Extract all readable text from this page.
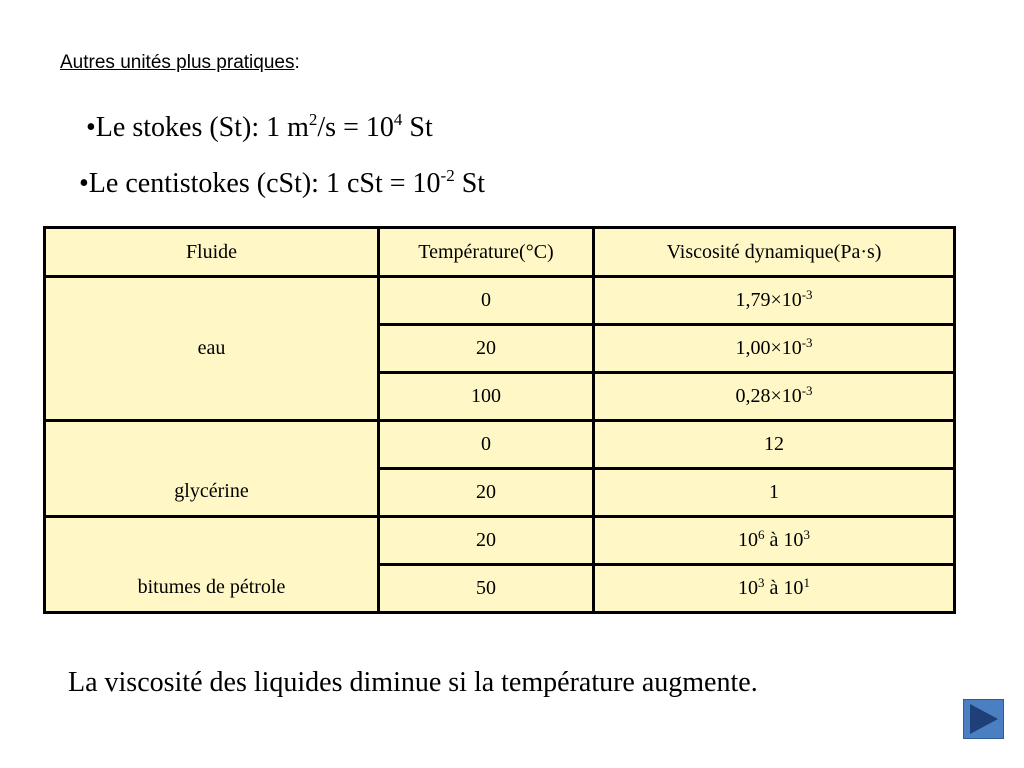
Autres unités plus pratiques:
•Le stokes (St): 1 $m^2/s = 10^4$ St
•Le centistokes (cSt): 1 cSt = $10^{-2}$ St
Fluide	Température(°C)	Viscosité dynamique(Pa·s)
eau	0	$1,79\times 10^{-3}$
	20	$1,00\times 10^{-3}$
	100	$0,28\times 10^{-3}$
glycérine	0	12
	20	1
bitumes de pétrole	20	$10^6$ à $10^3$
	50	$10^3$ à $10^1$
La viscosité des liquides diminue si la température augmente.
